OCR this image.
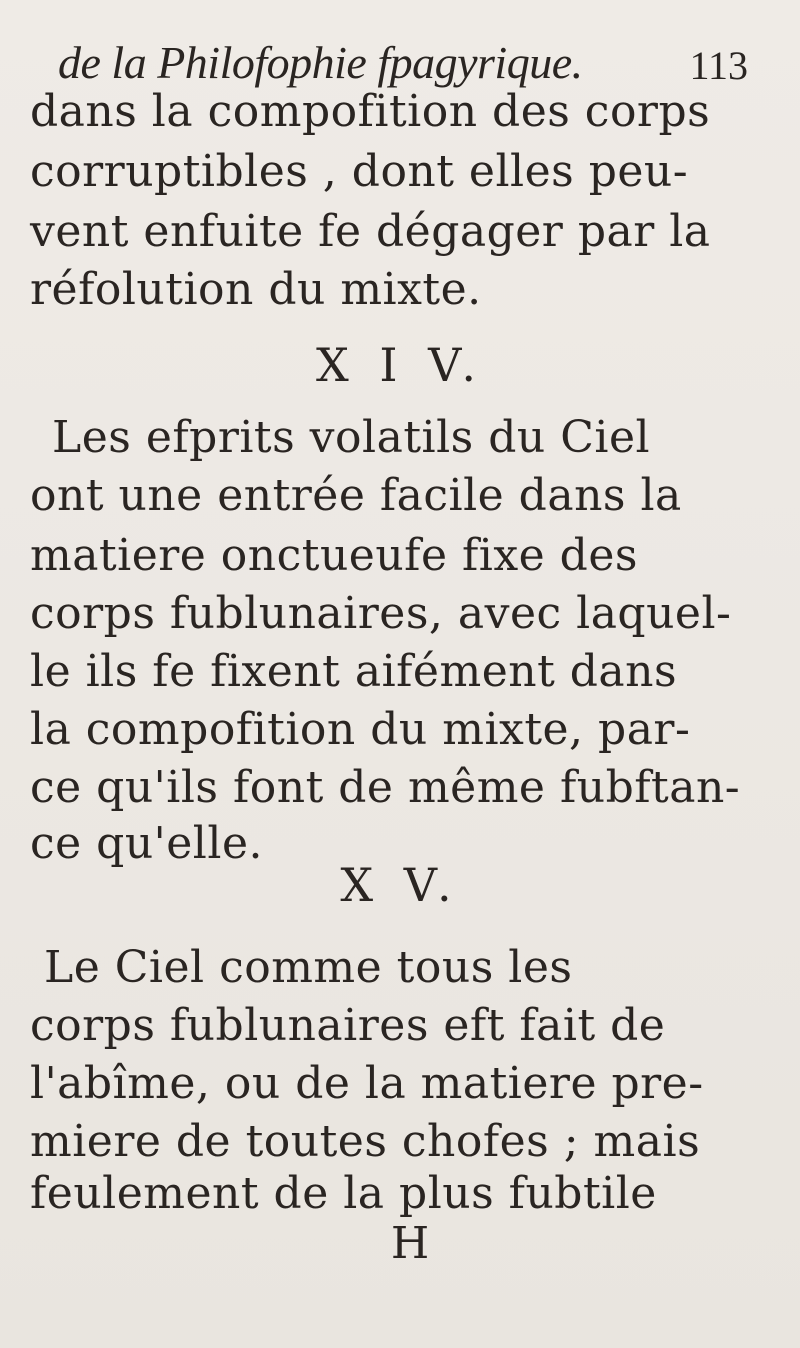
de la Philofophie fpagyrique.	113
dans la compofition des corps
corruptibles , dont elles peu-
vent enfuite fe dégager par la
réfolution du mixte.
X I V.
Les efprits volatils du Ciel
ont une entrée facile dans la
matiere onctueufe fixe des
corps fublunaires, avec laquel-
le ils fe fixent aifément dans
la compofition du mixte, par-
ce qu'ils font de même fubftan-
ce qu'elle.
X V.
Le Ciel comme tous les
corps fublunaires eft fait de
l'abîme, ou de la matiere pre-
miere de toutes chofes ; mais
feulement de la plus fubtile
H
